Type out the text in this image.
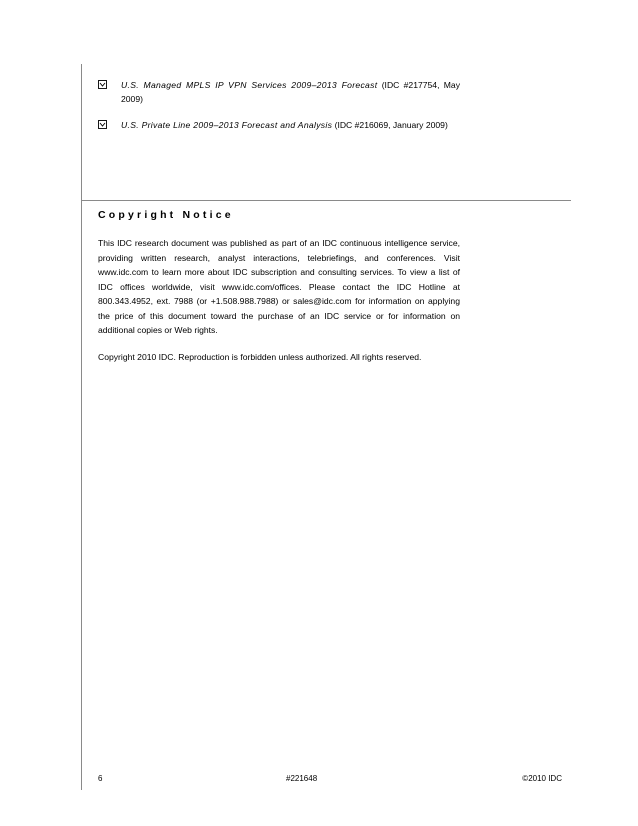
U.S. Managed MPLS IP VPN Services 2009–2013 Forecast (IDC #217754, May 2009)
U.S. Private Line 2009–2013 Forecast and Analysis (IDC #216069, January 2009)
Copyright Notice

This IDC research document was published as part of an IDC continuous intelligence service, providing written research, analyst interactions, telebriefings, and conferences. Visit www.idc.com to learn more about IDC subscription and consulting services. To view a list of IDC offices worldwide, visit www.idc.com/offices. Please contact the IDC Hotline at 800.343.4952, ext. 7988 (or +1.508.988.7988) or sales@idc.com for information on applying the price of this document toward the purchase of an IDC service or for information on additional copies or Web rights.

Copyright 2010 IDC. Reproduction is forbidden unless authorized. All rights reserved.

6	#221648	©2010 IDC
